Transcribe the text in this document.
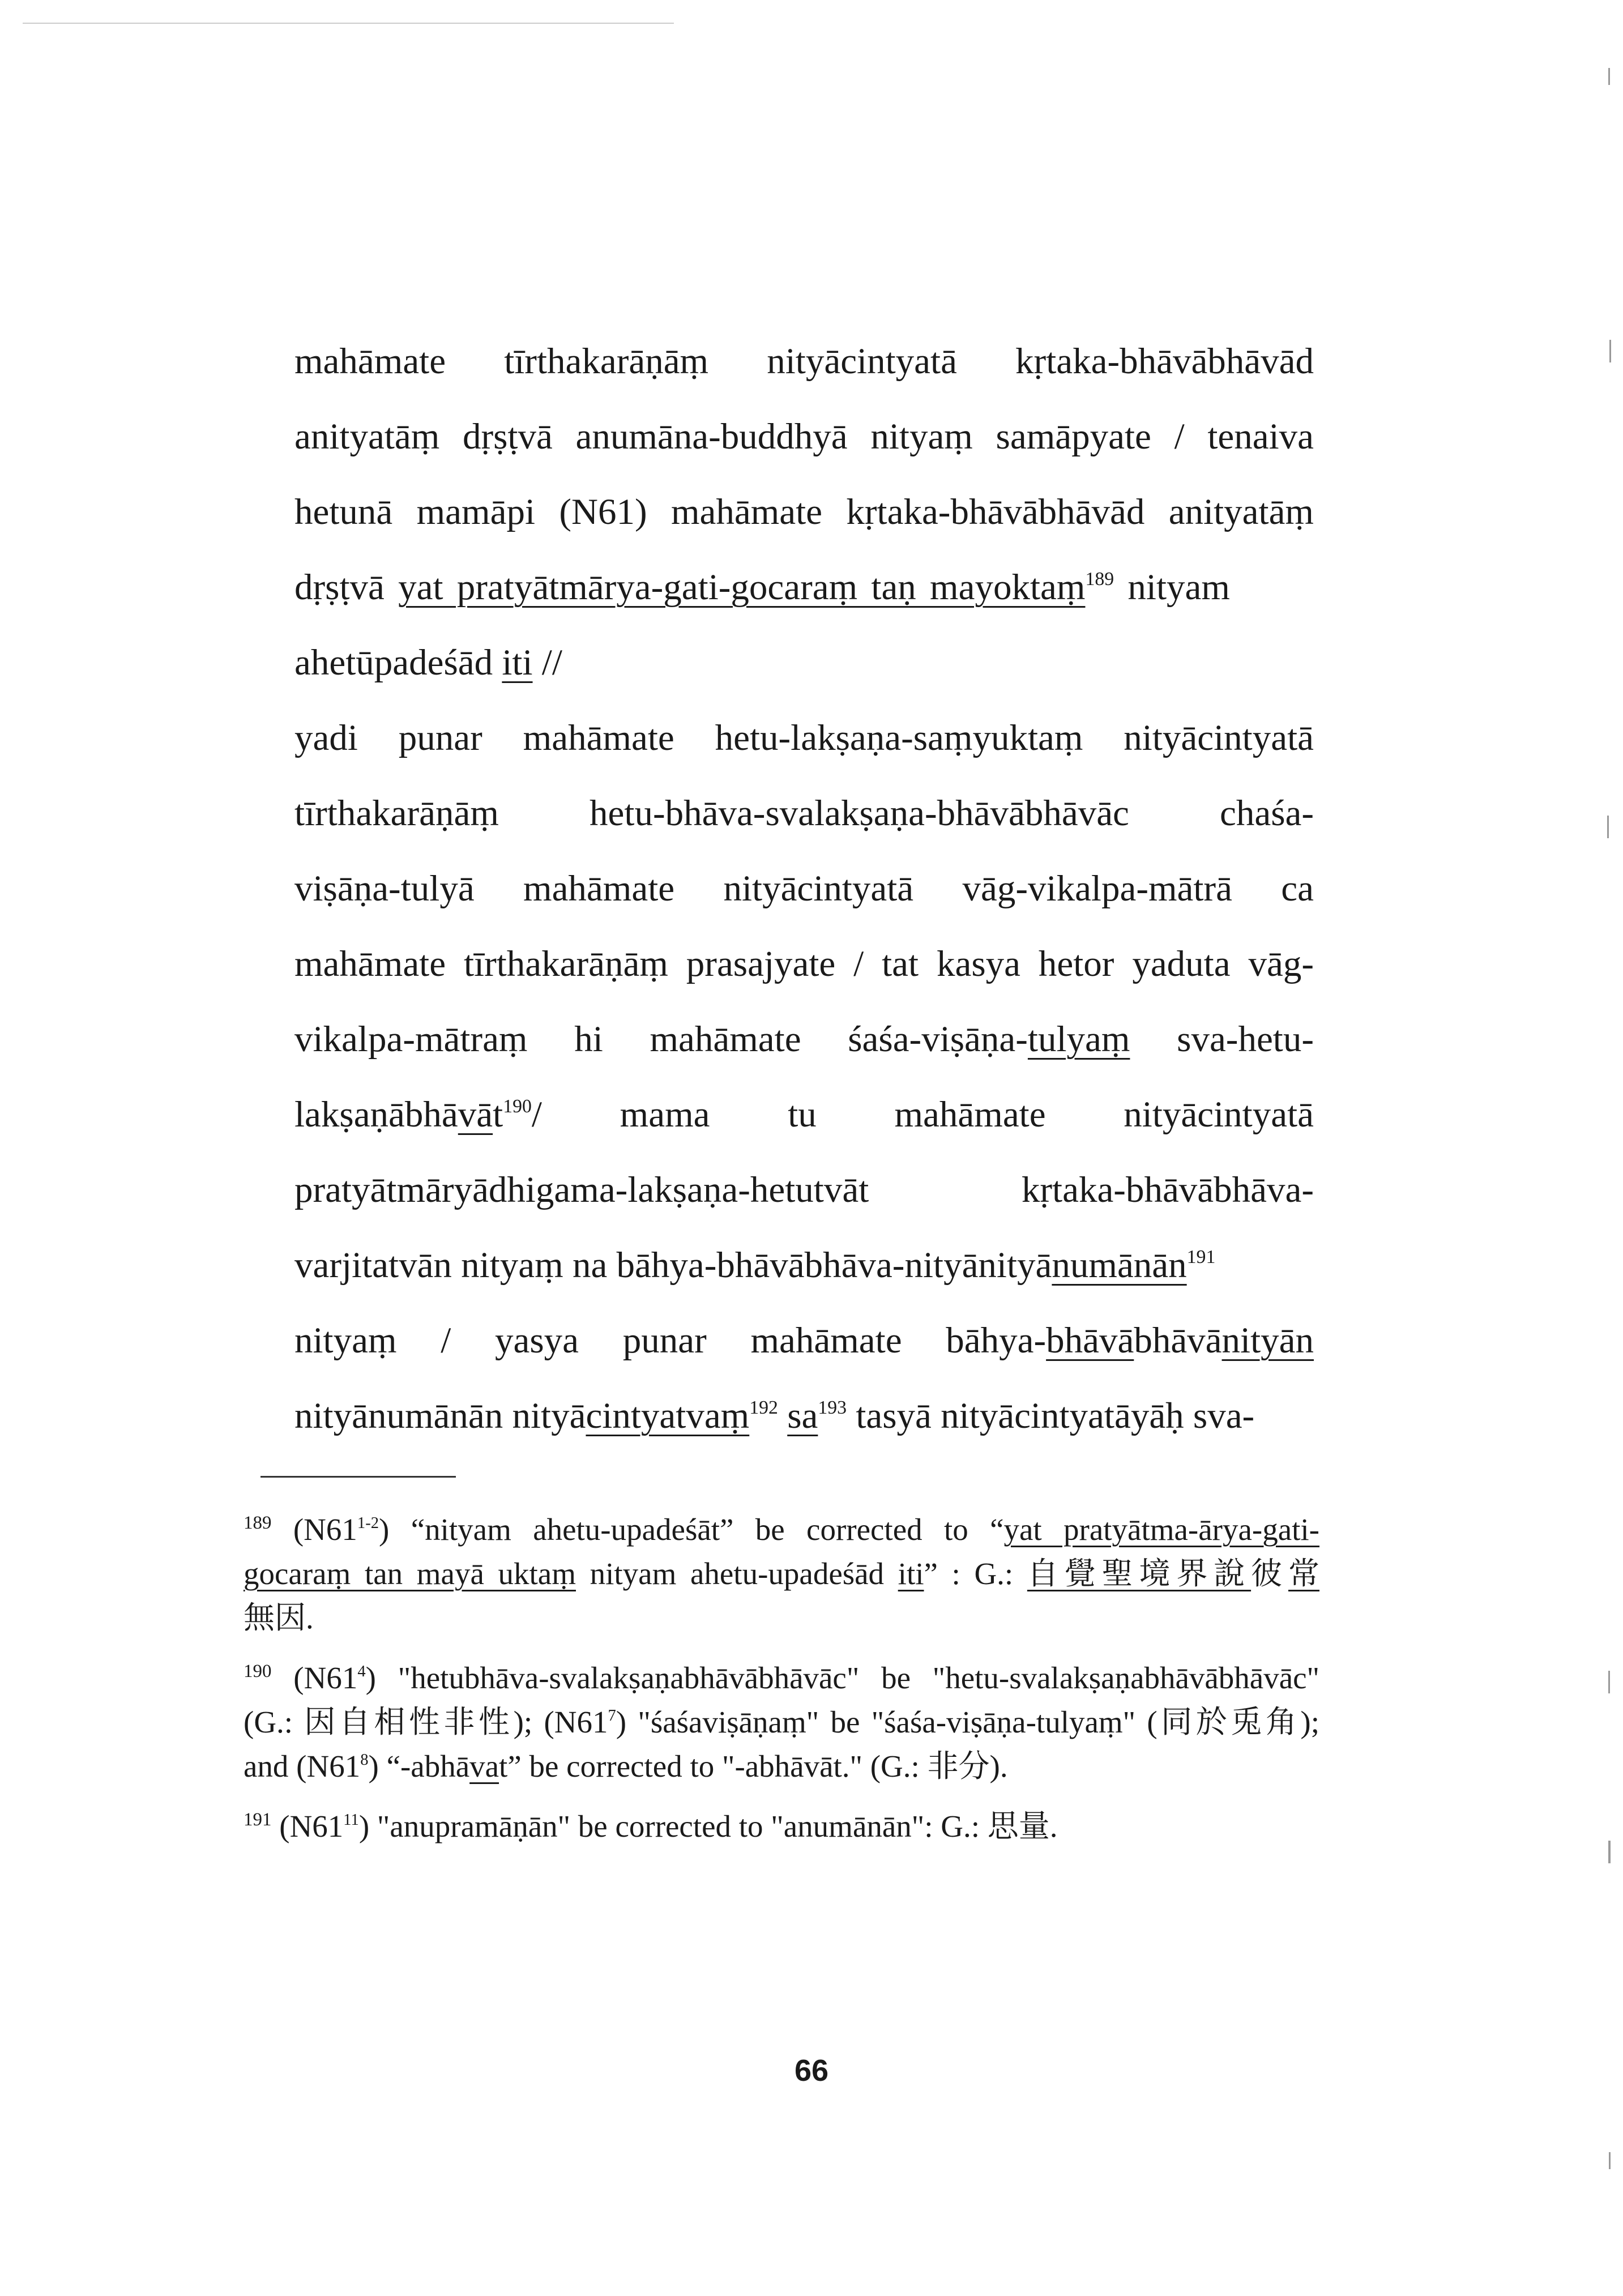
mahāmate tīrthakarāṇāṃ nityācintyatā kṛtaka-bhāvābhāvād
anityatāṃ dṛṣṭvā anumāna-buddhyā nityaṃ samāpyate / tenaiva
hetunā mamāpi (N61) mahāmate kṛtaka-bhāvābhāvād anityatāṃ
dṛṣṭvā yat pratyātmārya-gati-gocaraṃ taṇ mayoktaṃ$^{189}$ nityam
ahetūpadeśād iti //
yadi punar mahāmate hetu-lakṣaṇa-saṃyuktaṃ nityācintyatā
tīrthakarāṇāṃ hetu-bhāva-svalakṣaṇa-bhāvābhāvāc chaśa-
viṣāṇa-tulyā mahāmate nityācintyatā vāg-vikalpa-mātrā ca
mahāmate tīrthakarāṇāṃ prasajyate / tat kasya hetor yaduta vāg-
vikalpa-mātraṃ hi mahāmate śaśa-viṣāṇa-tulyaṃ sva-hetu-
lakṣaṇābhāvāt$^{190}$/ mama tu mahāmate nityācintyatā
pratyātmāryādhigama-lakṣaṇa-hetutvāt kṛtaka-bhāvābhāva-
varjitatvān nityaṃ na bāhya-bhāvābhāva-nityānityānumānān$^{191}$
nityaṃ / yasya punar mahāmate bāhya-bhāvābhāvānityān
nityānumānān nityācintyatvaṃ$^{192}$ $sa^{193}$ tasyā nityācintyatāyāḥ sva-
$^{189}$ (N61$^{1-2}$) “nityam ahetu-upadeśāt” be corrected to “yat pratyātma-ārya-gati-
gocaraṃ tan mayā uktaṃ nityam ahetu-upadeśād iti” : G.: 自覺聖境界說彼常
無因.
$^{190}$ $(N61^4)$ "hetubhāva-svalakṣaṇabhāvābhāvāc" be "hetu-svalakṣaṇabhāvābhāvāc"
(G.: 因自相性非性); $(N61^7)$ "śaśaviṣāṇaṃ" be "śaśa-viṣāṇa-tulyaṃ" (同於兎角);
and $(N61^8)$ “-abhāvat” be corrected to "-abhāvāt." (G.: 非分).
$^{191}$ $(N61^{11})$ "anupramāṇān" be corrected to "anumānān": G.: 思量.
66
